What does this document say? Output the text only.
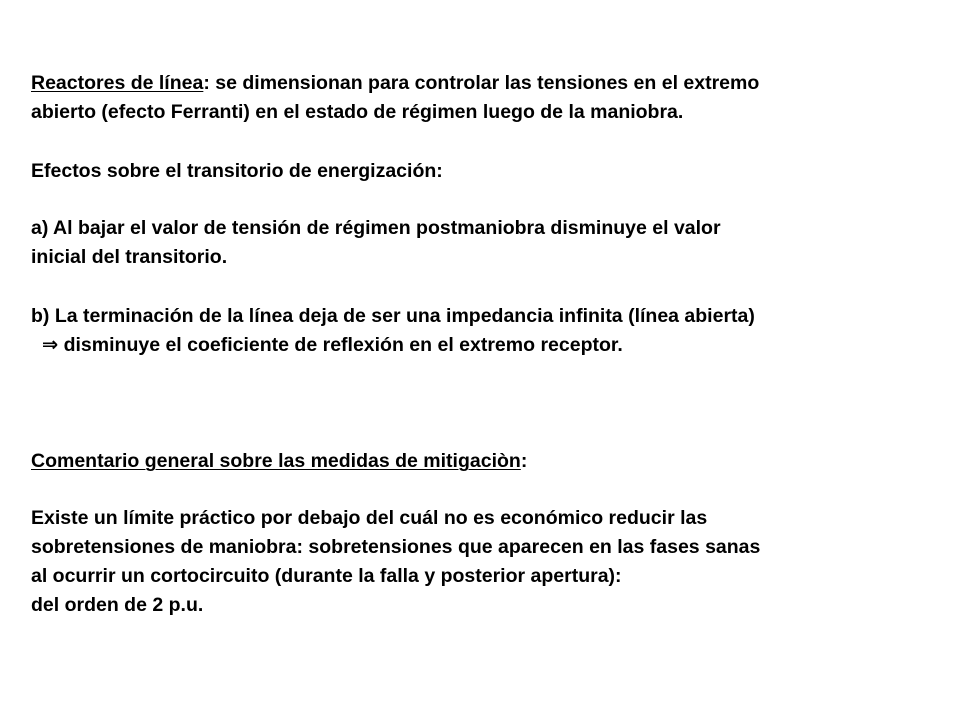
Reactores de línea: se dimensionan para controlar las tensiones en el extremo
abierto (efecto Ferranti) en el estado de régimen luego de la maniobra.
Efectos sobre el transitorio de energización:
a) Al bajar el valor de tensión de régimen postmaniobra disminuye el valor
inicial del transitorio.
b) La terminación de la línea deja de ser una impedancia infinita (línea abierta)
⇒ disminuye el coeficiente de reflexión en el extremo receptor.
Comentario general sobre las medidas de mitigaciòn:
Existe un límite práctico por debajo del cuál no es económico reducir las
sobretensiones de maniobra: sobretensiones que aparecen en las fases sanas
al ocurrir un cortocircuito (durante la falla y posterior apertura):
del orden de 2 p.u.
